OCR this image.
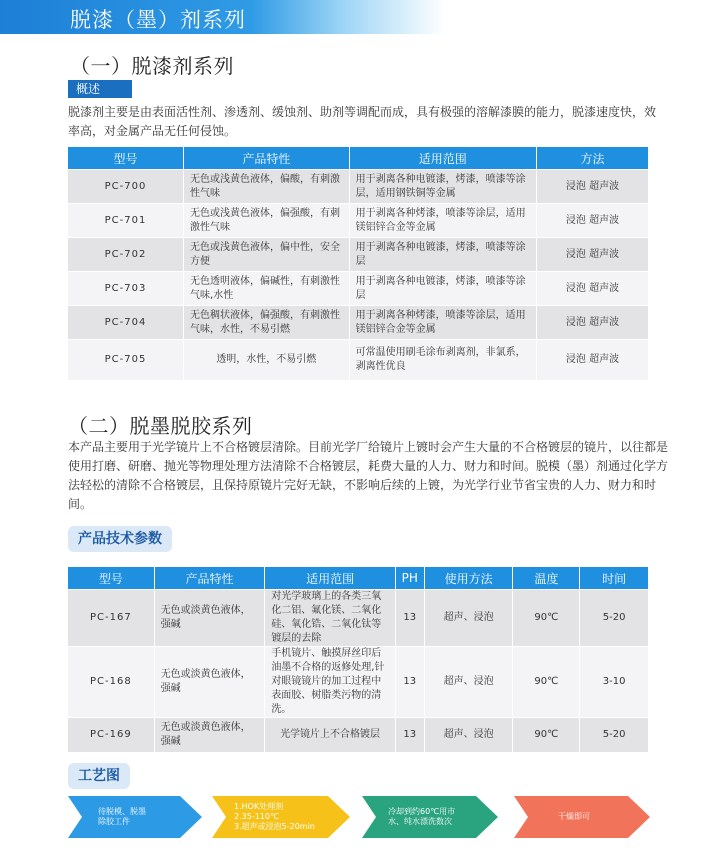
脱漆（墨）剂系列
（一）脱漆剂系列
概述
脱漆剂主要是由表面活性剂、渗透剂、缓蚀剂、助剂等调配而成，具有极强的溶解漆膜的能力，脱漆速度快，效率高，对金属产品无任何侵蚀。
型号	产品特性	适用范围	方法
PC-700	无色或浅黄色液体，偏酸，有刺激性气味	用于剥离各种电镀漆，烤漆，喷漆等涂层，适用钢铁铜等金属	浸泡 超声波
PC-701	无色或浅黄色液体，偏强酸，有刺激性气味	用于剥离各种烤漆，喷漆等涂层，适用镁铝锌合金等金属	浸泡 超声波
PC-702	无色或浅黄色液体，偏中性，安全方便	用于剥离各种电镀漆，烤漆，喷漆等涂层	浸泡 超声波
PC-703	无色透明液体，偏碱性，有刺激性气味,水性	用于剥离各种电镀漆，烤漆，喷漆等涂层	浸泡 超声波
PC-704	无色稠状液体，偏强酸，有刺激性气味，水性，不易引燃	用于剥离各种烤漆，喷漆等涂层，适用镁铝锌合金等金属	浸泡 超声波
PC-705	透明，水性，不易引燃	可常温使用刷毛涂布剥离剂，非氯系，剥离性优良	浸泡 超声波
（二）脱墨脱胶系列
本产品主要用于光学镜片上不合格镀层清除。目前光学厂给镜片上镀时会产生大量的不合格镀层的镜片，以往都是使用打磨、研磨、抛光等物理处理方法清除不合格镀层，耗费大量的人力、财力和时间。脱模（墨）剂通过化学方法轻松的清除不合格镀层，且保持原镜片完好无缺，不影响后续的上镀，为光学行业节省宝贵的人力、财力和时间。
产品技术参数
型号	产品特性	适用范围	PH	使用方法	温度	时间
PC-167	无色或淡黄色液体，强碱	对光学玻璃上的各类三氧化二铝、氟化镁、二氧化硅、氧化锆、二氧化钛等镀层的去除	13	超声、浸泡	90℃	5-20
PC-168	无色或淡黄色液体，强碱	手机镜片、触摸屏丝印后油墨不合格的返修处理,针对眼镜镜片的加工过程中表面胶、树脂类污物的清洗。	13	超声、浸泡	90℃	3-10
PC-169	无色或淡黄色液体，强碱	光学镜片上不合格镀层	13	超声、浸泡	90℃	5-20
工艺图
待脱模、脱墨
除胶工件
1.HOK处理剂
2.35-110℃
3.超声或浸泡5-20min
冷却到约60℃用市
水、纯水漂洗数次
干燥即可
